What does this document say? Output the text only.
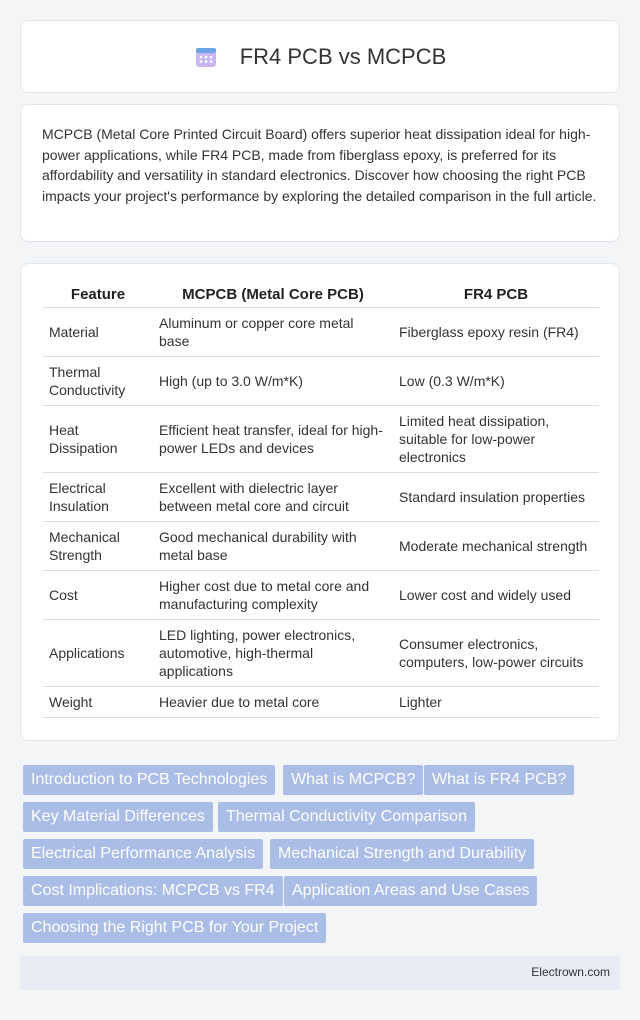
FR4 PCB vs MCPCB

MCPCB (Metal Core Printed Circuit Board) offers superior heat dissipation ideal for high-power applications, while FR4 PCB, made from fiberglass epoxy, is preferred for its affordability and versatility in standard electronics. Discover how choosing the right PCB impacts your project's performance by exploring the detailed comparison in the full article.

Feature	MCPCB (Metal Core PCB)	FR4 PCB
Material	Aluminum or copper core metal base	Fiberglass epoxy resin (FR4)
Thermal Conductivity	High (up to 3.0 W/m*K)	Low (0.3 W/m*K)
Heat Dissipation	Efficient heat transfer, ideal for high-power LEDs and devices	Limited heat dissipation, suitable for low-power electronics
Electrical Insulation	Excellent with dielectric layer between metal core and circuit	Standard insulation properties
Mechanical Strength	Good mechanical durability with metal base	Moderate mechanical strength
Cost	Higher cost due to metal core and manufacturing complexity	Lower cost and widely used
Applications	LED lighting, power electronics, automotive, high-thermal applications	Consumer electronics, computers, low-power circuits
Weight	Heavier due to metal core	Lighter
Introduction to PCB Technologies	What is MCPCB?	What is FR4 PCB?
Key Material Differences	Thermal Conductivity Comparison
Electrical Performance Analysis	Mechanical Strength and Durability
Cost Implications: MCPCB vs FR4	Application Areas and Use Cases
Choosing the Right PCB for Your Project
Electrown.com
